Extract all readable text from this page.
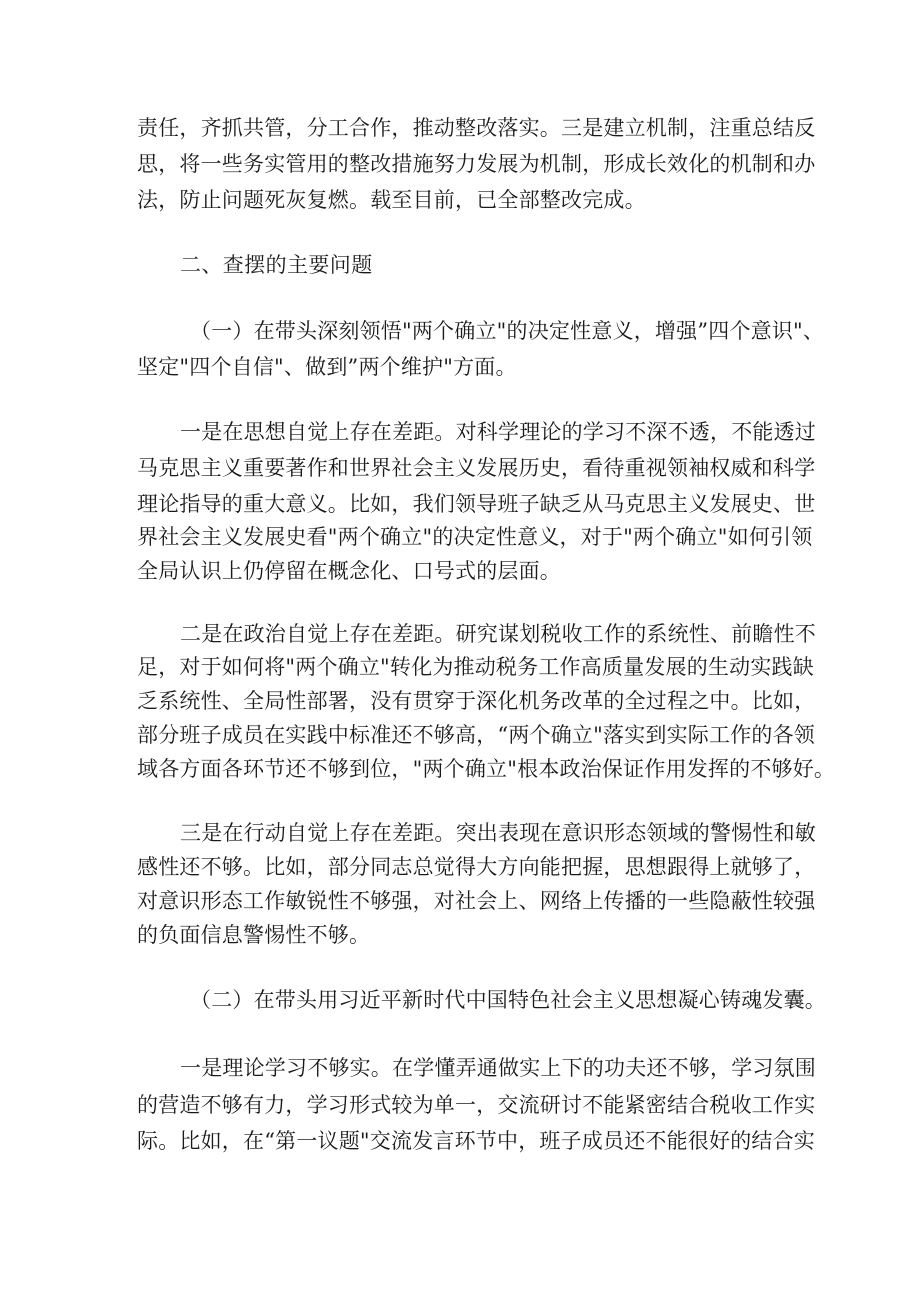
责任，齐抓共管，分工合作，推动整改落实。三是建立机制，注重总结反

思，将一些务实管用的整改措施努力发展为机制，形成长效化的机制和办

法，防止问题死灰复燃。载至目前，已全部整改完成。

二、查摆的主要问题

（一）在带头深刻领悟"两个确立"的决定性意义，增强”四个意识"、

坚定"四个自信"、做到”两个维护"方面。

一是在思想自觉上存在差距。对科学理论的学习不深不透，不能透过

马克思主义重要著作和世界社会主义发展历史，看待重视领袖权威和科学

理论指导的重大意义。比如，我们领导班子缺乏从马克思主义发展史、世

界社会主义发展史看"两个确立"的决定性意义，对于"两个确立"如何引领

全局认识上仍停留在概念化、口号式的层面。

二是在政治自觉上存在差距。研究谋划税收工作的系统性、前瞻性不

足，对于如何将"两个确立"转化为推动税务工作高质量发展的生动实践缺

乏系统性、全局性部署，没有贯穿于深化机务改革的全过程之中。比如，

部分班子成员在实践中标准还不够高，“两个确立"落实到实际工作的各领

域各方面各环节还不够到位，"两个确立"根本政治保证作用发挥的不够好。

三是在行动自觉上存在差距。突出表现在意识形态领域的警惕性和敏

感性还不够。比如，部分同志总觉得大方向能把握，思想跟得上就够了，

对意识形态工作敏锐性不够强，对社会上、网络上传播的一些隐蔽性较强

的负面信息警惕性不够。

（二）在带头用习近平新时代中国特色社会主义思想凝心铸魂发囊。

一是理论学习不够实。在学懂弄通做实上下的功夫还不够，学习氛围

的营造不够有力，学习形式较为单一，交流研讨不能紧密结合税收工作实

际。比如，在“第一议题"交流发言环节中，班子成员还不能很好的结合实
